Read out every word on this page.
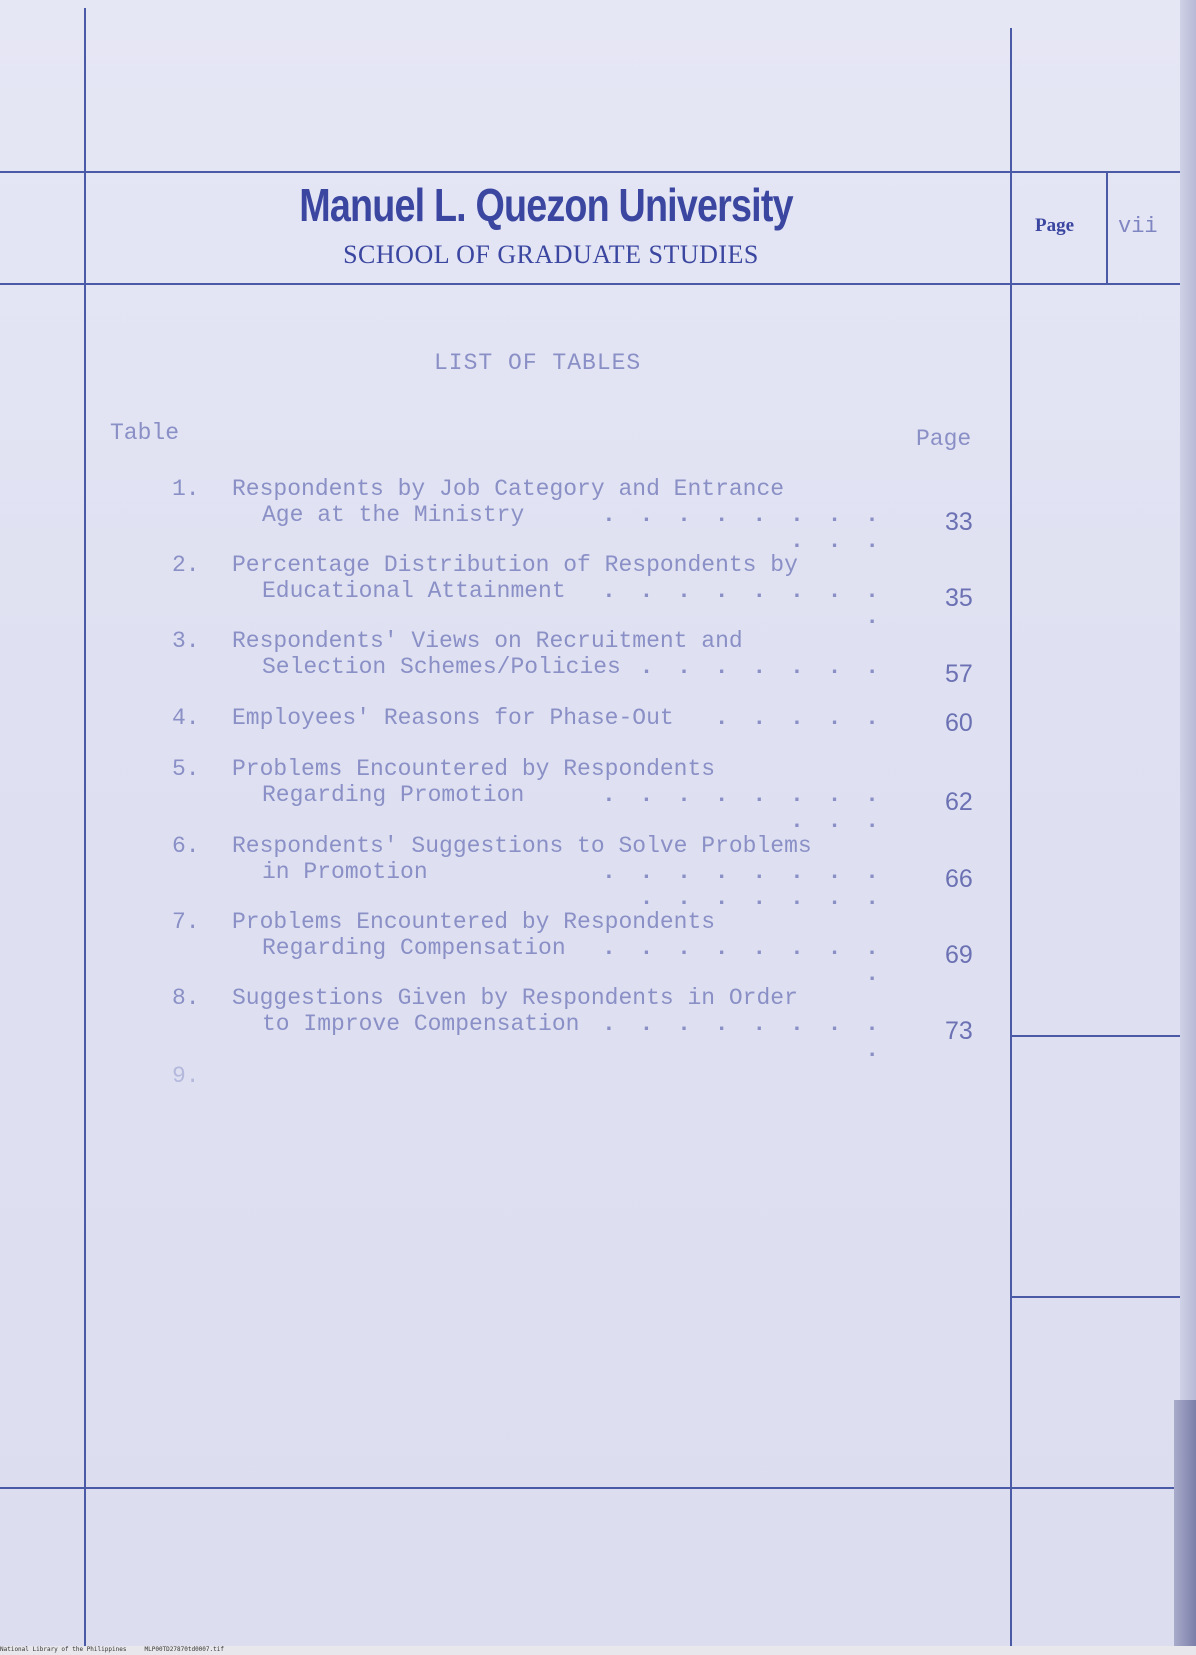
Manuel L. Quezon University
SCHOOL OF GRADUATE STUDIES
Page	vii
LIST OF TABLES
Table	Page
1. Respondents by Job Category and Entrance
Age at the Ministry	. . . . . . . . . . .
33
2. Percentage Distribution of Respondents by
Educational Attainment . . . . . . . . .
35
3. Respondents' Views on Recruitment and
Selection Schemes/Policies . . . . . . . 57
4. Employees' Reasons for Phase-Out	. . . . . 60
5. Problems Encountered by Respondents
Regarding Promotion	. . . . . . . . . . .
62
6. Respondents' Suggestions to Solve Problems
in Promotion	. . . . . . . . . . . . . . .
66
7. Problems Encountered by Respondents
Regarding Compensation . . . . . . . . .
69
8. Suggestions Given by Respondents in Order
to Improve Compensation . . . . . . . . .
73
9.
National Library of the Philippines     MLP00TD27870td0007.tif
